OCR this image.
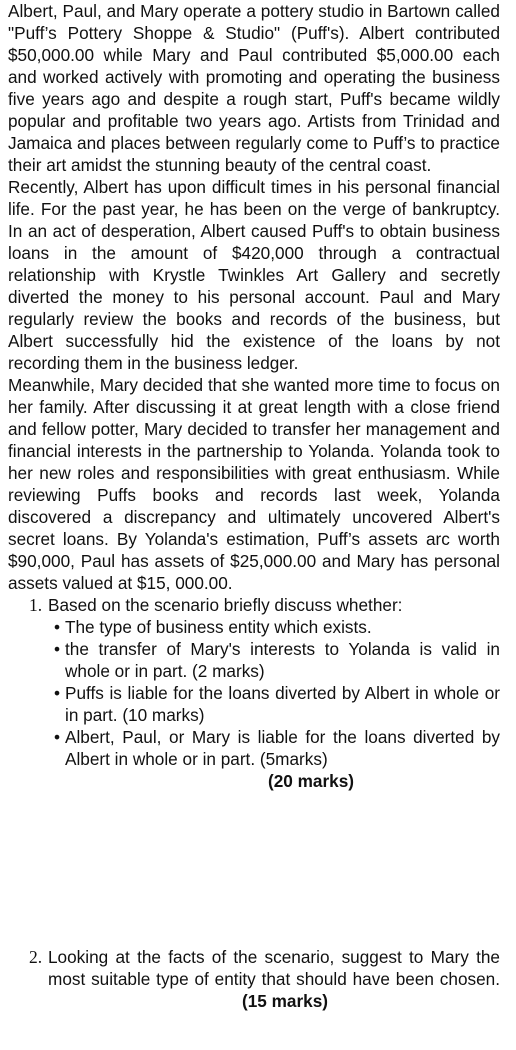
Albert, Paul, and Mary operate a pottery studio in Bartown called "Puff’s Pottery Shoppe & Studio" (Puff's). Albert contributed $50,000.00 while Mary and Paul contributed $5,000.00 each and worked actively with promoting and operating the business five years ago and despite a rough start, Puff's became wildly popular and profitable two years ago. Artists from Trinidad and Jamaica and places between regularly come to Puff’s to practice their art amidst the stunning beauty of the central coast.

Recently, Albert has upon difficult times in his personal financial life. For the past year, he has been on the verge of bankruptcy. In an act of desperation, Albert caused Puff's to obtain business loans in the amount of $420,000 through a contractual relationship with Krystle Twinkles Art Gallery and secretly diverted the money to his personal account. Paul and Mary regularly review the books and records of the business, but Albert successfully hid the existence of the loans by not recording them in the business ledger.

Meanwhile, Mary decided that she wanted more time to focus on her family. After discussing it at great length with a close friend and fellow potter, Mary decided to transfer her management and financial interests in the partnership to Yolanda. Yolanda took to her new roles and responsibilities with great enthusiasm. While reviewing Puffs books and records last week, Yolanda discovered a discrepancy and ultimately uncovered Albert's secret loans. By Yolanda's estimation, Puff’s assets arc worth $90,000, Paul has assets of $25,000.00 and Mary has personal assets valued at $15, 000.00.

1. Based on the scenario briefly discuss whether:
• The type of business entity which exists.
• the transfer of Mary's interests to Yolanda is valid in whole or in part. (2 marks)
• Puffs is liable for the loans diverted by Albert in whole or in part. (10 marks)
• Albert, Paul, or Mary is liable for the loans diverted by Albert in whole or in part. (5marks)
(20 marks)
2. Looking at the facts of the scenario, suggest to Mary the most suitable type of entity that should have been chosen.(15 marks)
